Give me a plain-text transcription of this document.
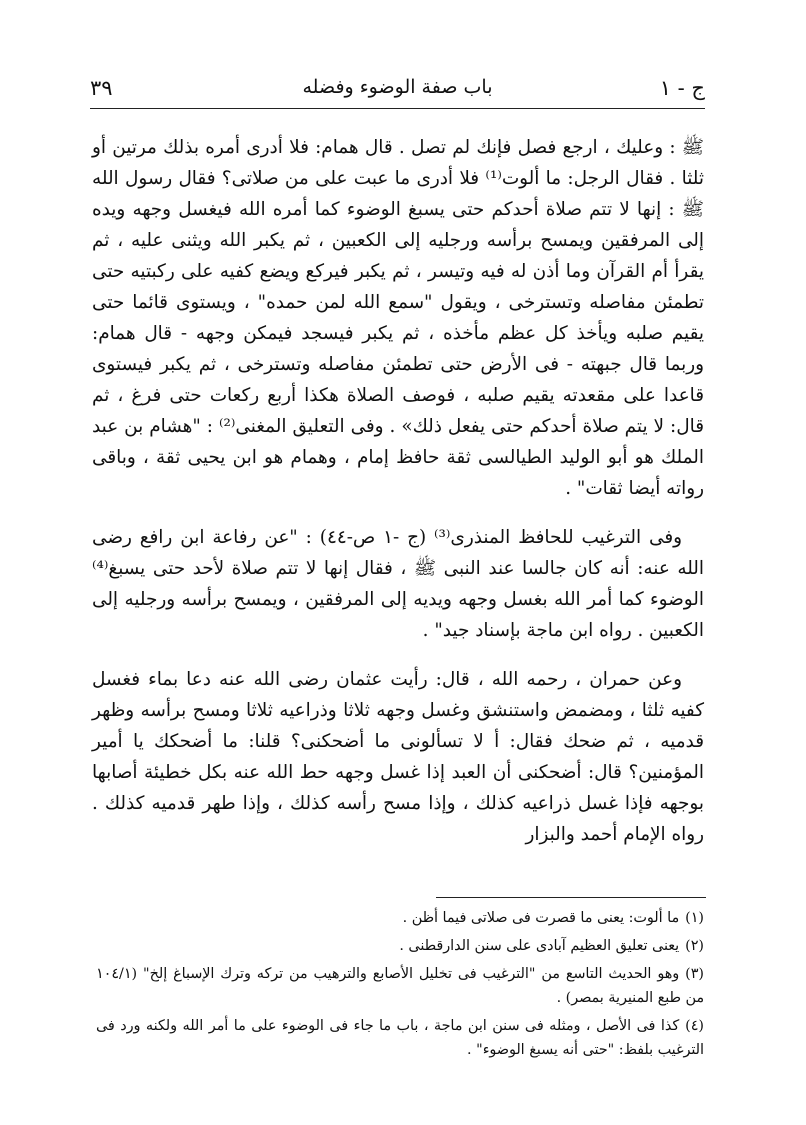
ج - ١
باب صفة الوضوء وفضله
٣٩

ﷺ : وعليك ، ارجع فصل فإنك لم تصل . قال همام: فلا أدرى أمره بذلك مرتين أو ثلثا . فقال الرجل: ما ألوت⁽¹⁾ فلا أدرى ما عبت على من صلاتى؟ فقال رسول الله ﷺ : إنها لا تتم صلاة أحدكم حتى يسبغ الوضوء كما أمره الله فيغسل وجهه ويده إلى المرفقين ويمسح برأسه ورجليه إلى الكعبين ، ثم يكبر الله ويثنى عليه ، ثم يقرأ أم القرآن وما أذن له فيه وتيسر ، ثم يكبر فيركع ويضع كفيه على ركبتيه حتى تطمئن مفاصله وتسترخى ، ويقول "سمع الله لمن حمده" ، ويستوى قائما حتى يقيم صلبه ويأخذ كل عظم مأخذه ، ثم يكبر فيسجد فيمكن وجهه - قال همام: وربما قال جبهته - فى الأرض حتى تطمئن مفاصله وتسترخى ، ثم يكبر فيستوى قاعدا على مقعدته يقيم صلبه ، فوصف الصلاة هكذا أربع ركعات حتى فرغ ، ثم قال: لا يتم صلاة أحدكم حتى يفعل ذلك» . وفى التعليق المغنى⁽²⁾ : "هشام بن عبد الملك هو أبو الوليد الطيالسى ثقة حافظ إمام ، وهمام هو ابن يحيى ثقة ، وباقى رواته أيضا ثقات" .

وفى الترغيب للحافظ المنذرى⁽³⁾ (ج -١ ص-٤٤) : "عن رفاعة ابن رافع رضى الله عنه: أنه كان جالسا عند النبى ﷺ ، فقال إنها لا تتم صلاة لأحد حتى يسبغ⁽⁴⁾ الوضوء كما أمر الله بغسل وجهه ويديه إلى المرفقين ، ويمسح برأسه ورجليه إلى الكعبين . رواه ابن ماجة بإسناد جيد" .

وعن حمران ، رحمه الله ، قال: رأيت عثمان رضى الله عنه دعا بماء فغسل كفيه ثلثا ، ومضمض واستنشق وغسل وجهه ثلاثا وذراعيه ثلاثا ومسح برأسه وظهر قدميه ، ثم ضحك فقال: أ لا تسألونى ما أضحكنى؟ قلنا: ما أضحكك يا أمير المؤمنين؟ قال: أضحكنى أن العبد إذا غسل وجهه حط الله عنه بكل خطيئة أصابها بوجهه فإذا غسل ذراعيه كذلك ، وإذا مسح رأسه كذلك ، وإذا طهر قدميه كذلك . رواه الإمام أحمد والبزار

(١)ما ألوت: يعنى ما قصرت فى صلاتى فيما أظن .

(٢)يعنى تعليق العظيم آبادى على سنن الدارقطنى .

(٣)وهو الحديث التاسع من "الترغيب فى تخليل الأصابع والترهيب من تركه وترك الإسباغ إلخ" (١٠٤/١ من طبع المنيرية بمصر) .

(٤)كذا فى الأصل ، ومثله فى سنن ابن ماجة ، باب ما جاء فى الوضوء على ما أمر الله ولكنه ورد فى الترغيب بلفظ: "حتى أنه يسبغ الوضوء" .
